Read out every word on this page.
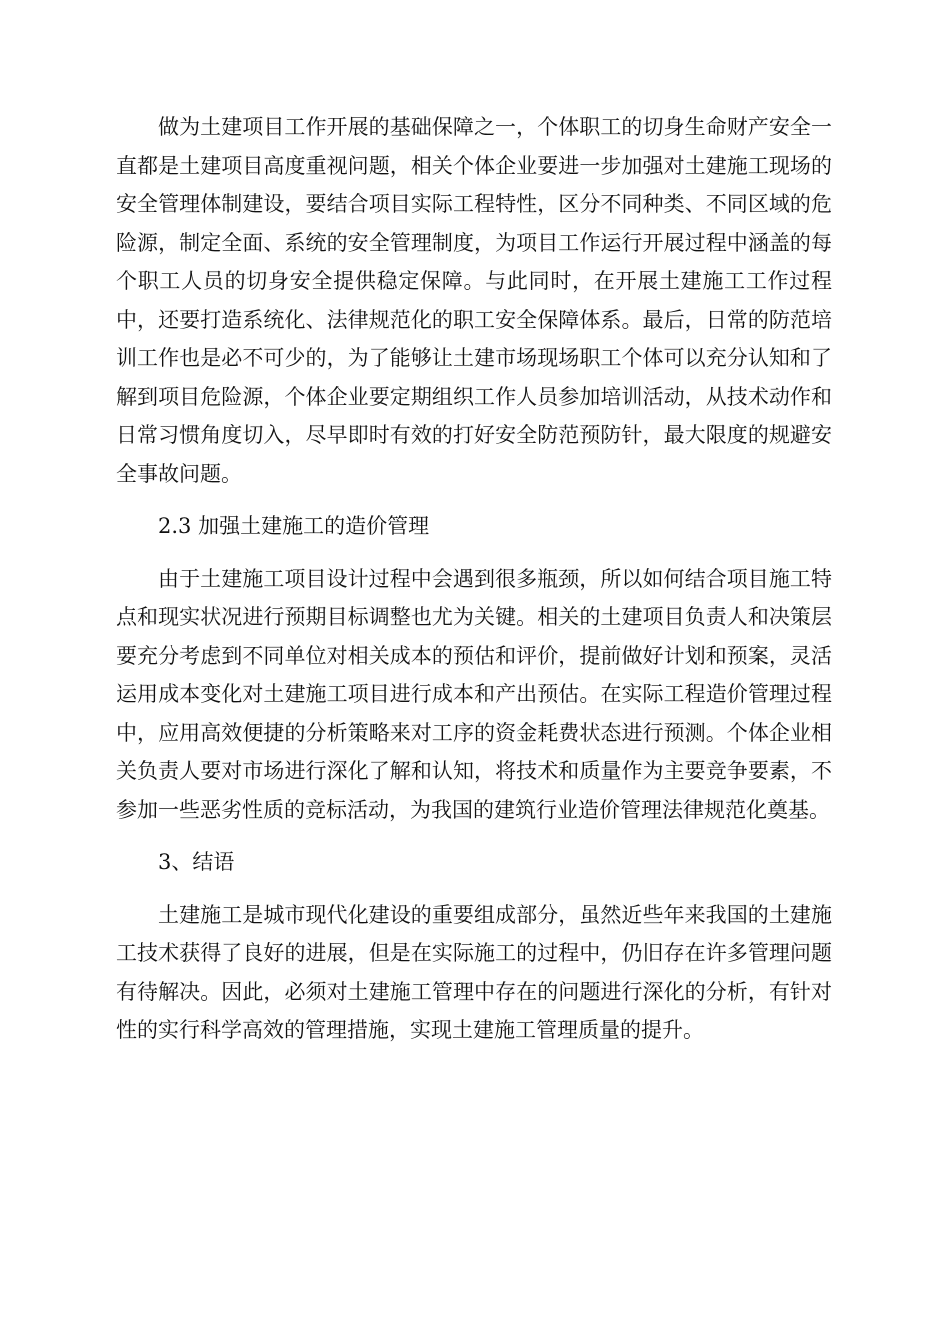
做为土建项目工作开展的基础保障之一，个体职工的切身生命财产安全一直都是土建项目高度重视问题，相关个体企业要进一步加强对土建施工现场的安全管理体制建设，要结合项目实际工程特性，区分不同种类、不同区域的危险源，制定全面、系统的安全管理制度，为项目工作运行开展过程中涵盖的每个职工人员的切身安全提供稳定保障。与此同时，在开展土建施工工作过程中，还要打造系统化、法律规范化的职工安全保障体系。最后，日常的防范培训工作也是必不可少的，为了能够让土建市场现场职工个体可以充分认知和了解到项目危险源，个体企业要定期组织工作人员参加培训活动，从技术动作和日常习惯角度切入，尽早即时有效的打好安全防范预防针，最大限度的规避安全事故问题。

2.3 加强土建施工的造价管理

由于土建施工项目设计过程中会遇到很多瓶颈，所以如何结合项目施工特点和现实状况进行预期目标调整也尤为关键。相关的土建项目负责人和决策层要充分考虑到不同单位对相关成本的预估和评价，提前做好计划和预案，灵活运用成本变化对土建施工项目进行成本和产出预估。在实际工程造价管理过程中，应用高效便捷的分析策略来对工序的资金耗费状态进行预测。个体企业相关负责人要对市场进行深化了解和认知，将技术和质量作为主要竞争要素，不参加一些恶劣性质的竞标活动，为我国的建筑行业造价管理法律规范化奠基。

3、结语

土建施工是城市现代化建设的重要组成部分，虽然近些年来我国的土建施工技术获得了良好的进展，但是在实际施工的过程中，仍旧存在许多管理问题有待解决。因此，必须对土建施工管理中存在的问题进行深化的分析，有针对性的实行科学高效的管理措施，实现土建施工管理质量的提升。
